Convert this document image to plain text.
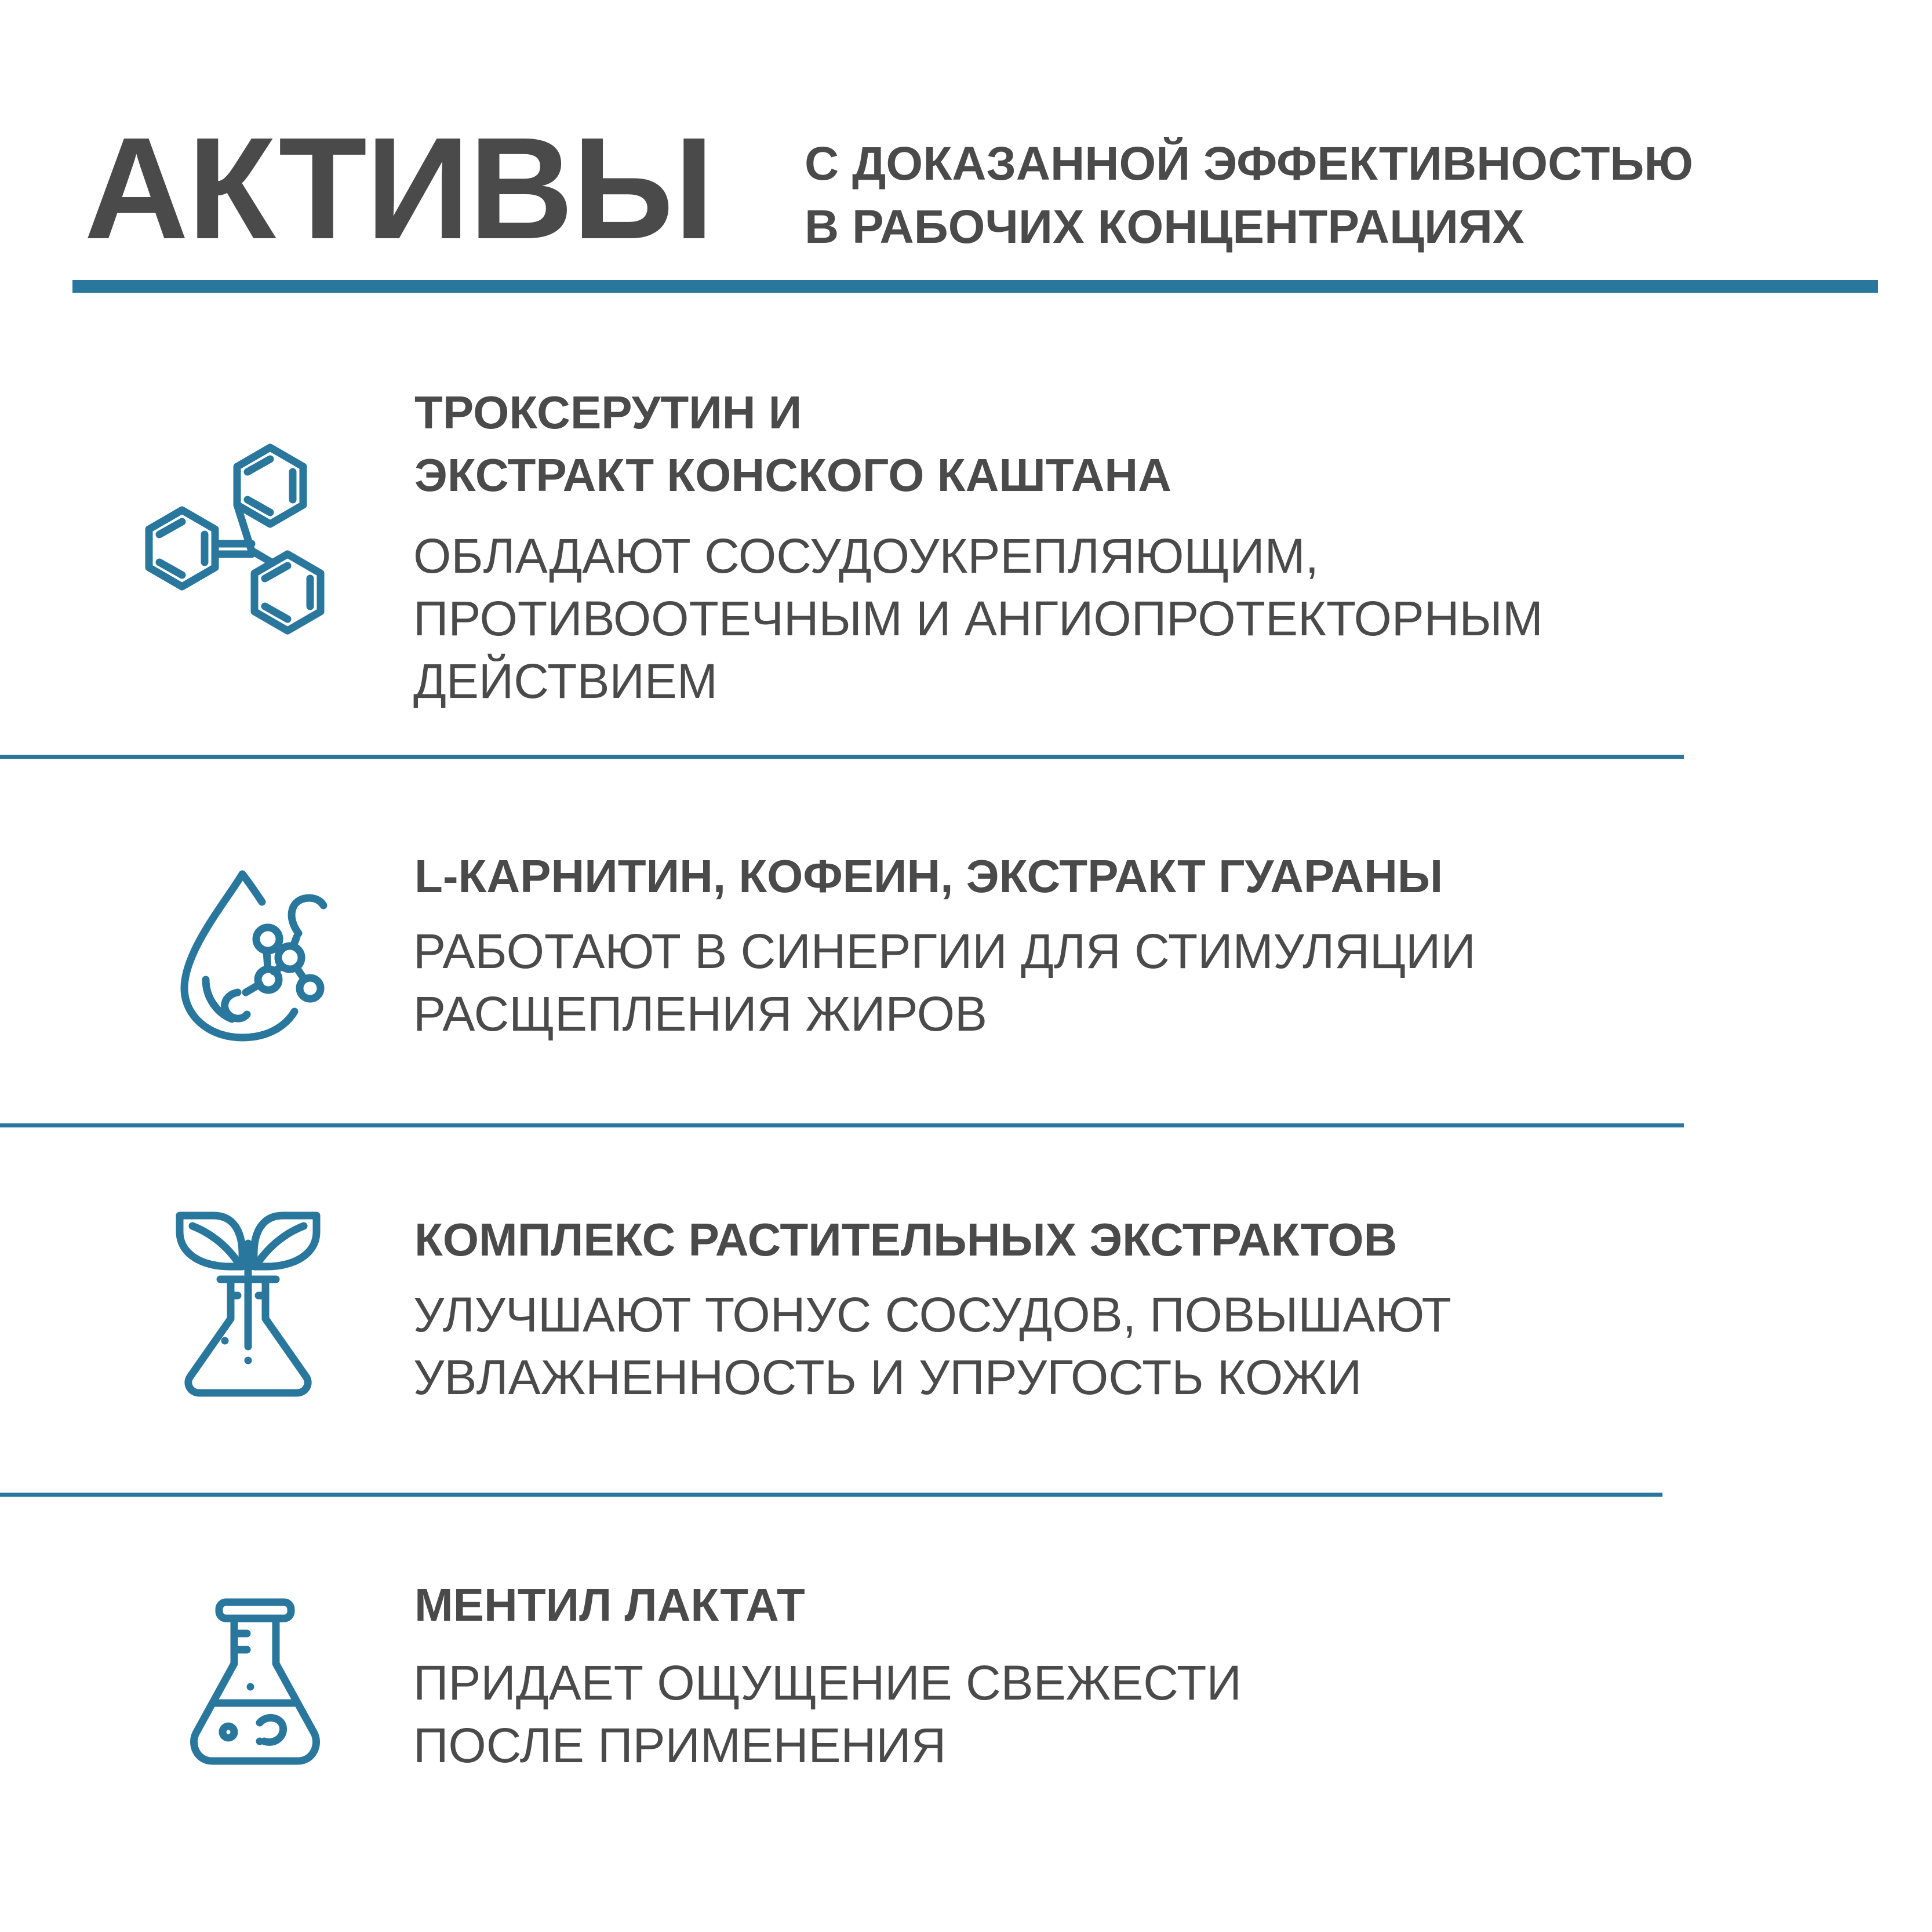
АКТИВЫ С ДОКАЗАННОЙ ЭФФЕКТИВНОСТЬЮ
В РАБОЧИХ КОНЦЕНТРАЦИЯХ
ТРОКСЕРУТИН И
ЭКСТРАКТ КОНСКОГО КАШТАНА
ОБЛАДАЮТ СОСУДОУКРЕПЛЯЮЩИМ,
ПРОТИВООТЕЧНЫМ И АНГИОПРОТЕКТОРНЫМ
ДЕЙСТВИЕМ
L-КАРНИТИН, КОФЕИН, ЭКСТРАКТ ГУАРАНЫ
РАБОТАЮТ В СИНЕРГИИ ДЛЯ СТИМУЛЯЦИИ
РАСЩЕПЛЕНИЯ ЖИРОВ
КОМПЛЕКС РАСТИТЕЛЬНЫХ ЭКСТРАКТОВ
УЛУЧШАЮТ ТОНУС СОСУДОВ, ПОВЫШАЮТ
УВЛАЖНЕННОСТЬ И УПРУГОСТЬ КОЖИ
МЕНТИЛ ЛАКТАТ
ПРИДАЕТ ОЩУЩЕНИЕ СВЕЖЕСТИ
ПОСЛЕ ПРИМЕНЕНИЯ
